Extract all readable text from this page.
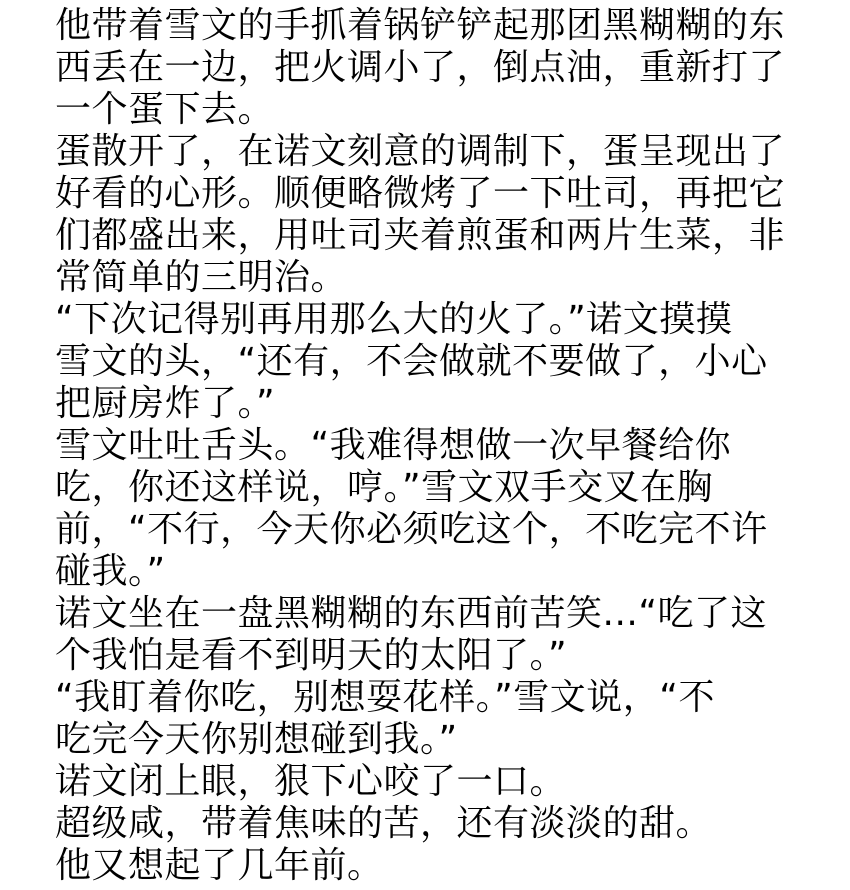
他带着雪文的手抓着锅铲铲起那团黑糊糊的东
西丢在一边，把火调小了，倒点油，重新打了
一个蛋下去。
蛋散开了，在诺文刻意的调制下，蛋呈现出了
好看的心形。顺便略微烤了一下吐司，再把它
们都盛出来，用吐司夹着煎蛋和两片生菜，非
常简单的三明治。
“下次记得别再用那么大的火了。”诺文摸摸
雪文的头，“还有，不会做就不要做了，小心
把厨房炸了。”
雪文吐吐舌头。“我难得想做一次早餐给你
吃，你还这样说，哼。”雪文双手交叉在胸
前，“不行，今天你必须吃这个，不吃完不许
碰我。”
诺文坐在一盘黑糊糊的东西前苦笑...“吃了这
个我怕是看不到明天的太阳了。”
“我盯着你吃，别想耍花样。”雪文说，“不
吃完今天你别想碰到我。”
诺文闭上眼，狠下心咬了一口。
超级咸，带着焦味的苦，还有淡淡的甜。
他又想起了几年前。
